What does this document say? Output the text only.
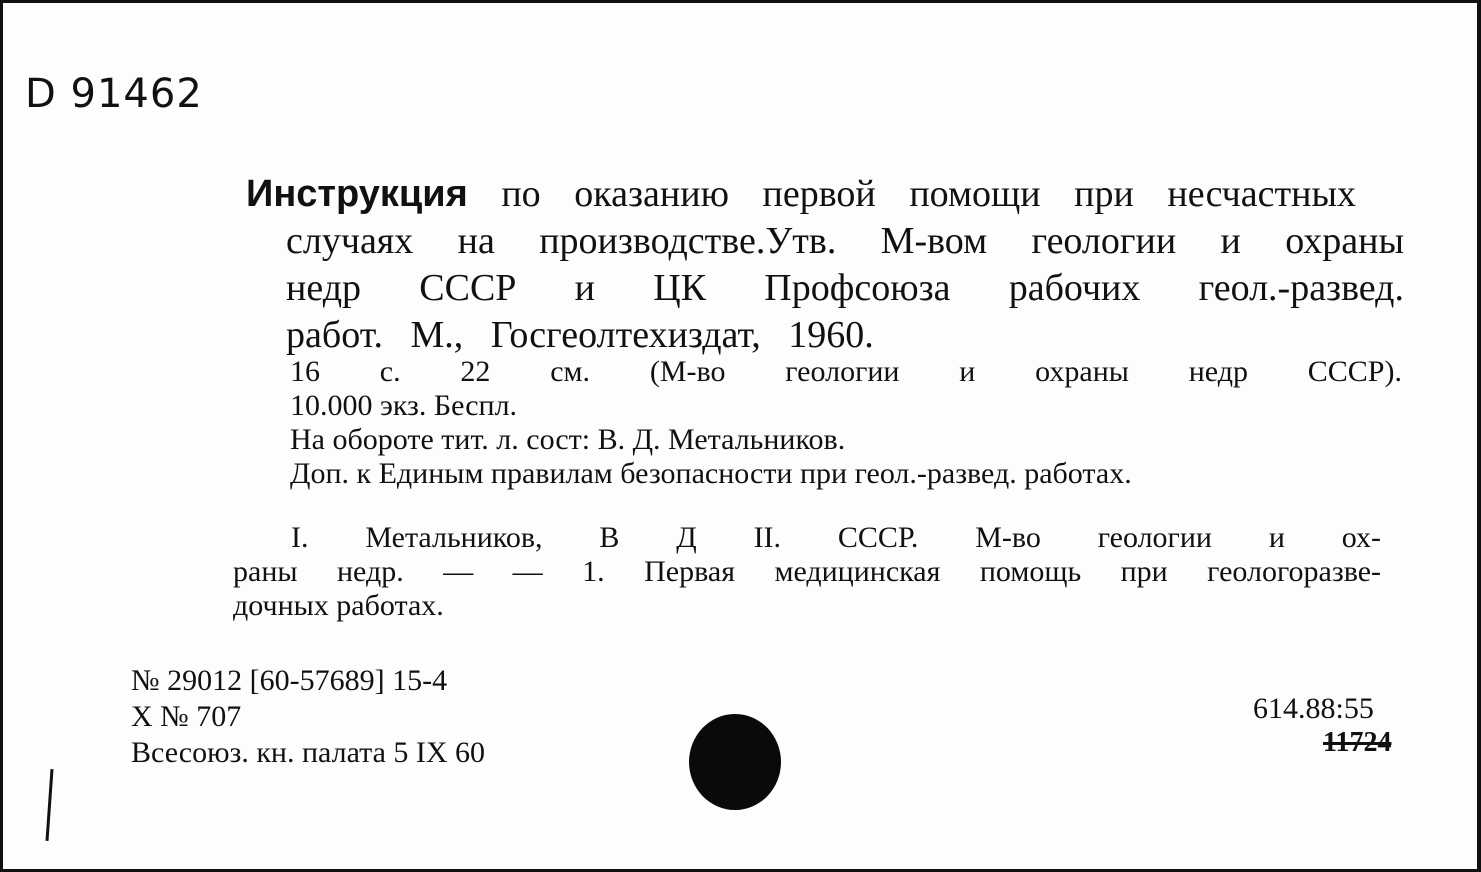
D 91462
Инструкция по оказанию первой помощи при несчастных
случаях на производстве.Утв. М-вом геологии и охраны
недр СССР и ЦК Профсоюза рабочих геол.-развед.
работ. М., Госгеолтехиздат, 1960.
16 с. 22 см. (М-во геологии и охраны недр СССР).
10.000 экз. Беспл.
На обороте тит. л. сост: В. Д. Метальников.
Доп. к Единым правилам безопасности при геол.-развед. работах.
I. Метальников, В Д II. СССР. М-во геологии и ох-
раны недр. — — 1. Первая медицинская помощь при геологоразве-
дочных работах.
№ 29012 [60-57689] 15-4
Х № 707
Всесоюз. кн. палата 5 IX 60
614.88:55
11724
